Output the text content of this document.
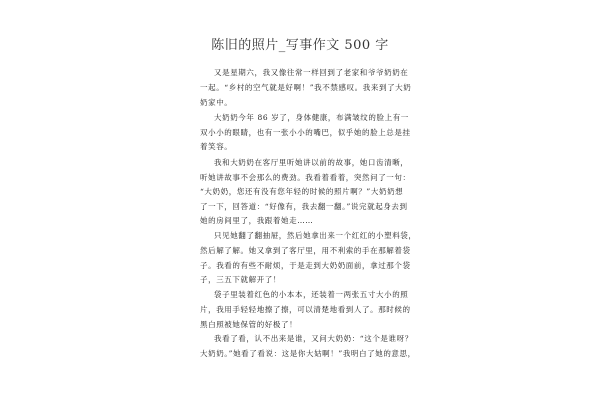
陈旧的照片_写事作文 500 字
又是星期六，我又像往常一样回到了老家和爷爷奶奶在
一起。“乡村的空气就是好啊！”我不禁感叹。我来到了大奶
奶家中。
大奶奶今年 86 岁了，身体健康，布满皱纹的脸上有一
双小小的眼睛，也有一张小小的嘴巴，似乎她的脸上总是挂
着笑容。
我和大奶奶在客厅里听她讲以前的故事，她口齿清晰，
听她讲故事不会那么的费劲。我看着看着，突然问了一句：
“大奶奶，您还有没有您年轻的时候的照片啊？”大奶奶想
了一下，回答道：“好像有，我去翻一翻。”说完就起身去到
她的房间里了，我跟着她走……
只见她翻了翻抽屉，然后她拿出来一个红红的小塑料袋，
然后解了解。她又拿到了客厅里，用不利索的手在那解着袋
子。我看的有些不耐烦，于是走到大奶奶面前，拿过那个袋
子，三五下就解开了！
袋子里装着红色的小本本，还装着一两张五寸大小的照
片，我用手轻轻地擦了擦，可以清楚地看到人了。那时候的
黑白照被她保管的好极了！
我看了看，认不出来是谁，又问大奶奶：“这个是谁呀？
大奶奶。”她看了看说：这是你大姑啊！”我明白了她的意思，
